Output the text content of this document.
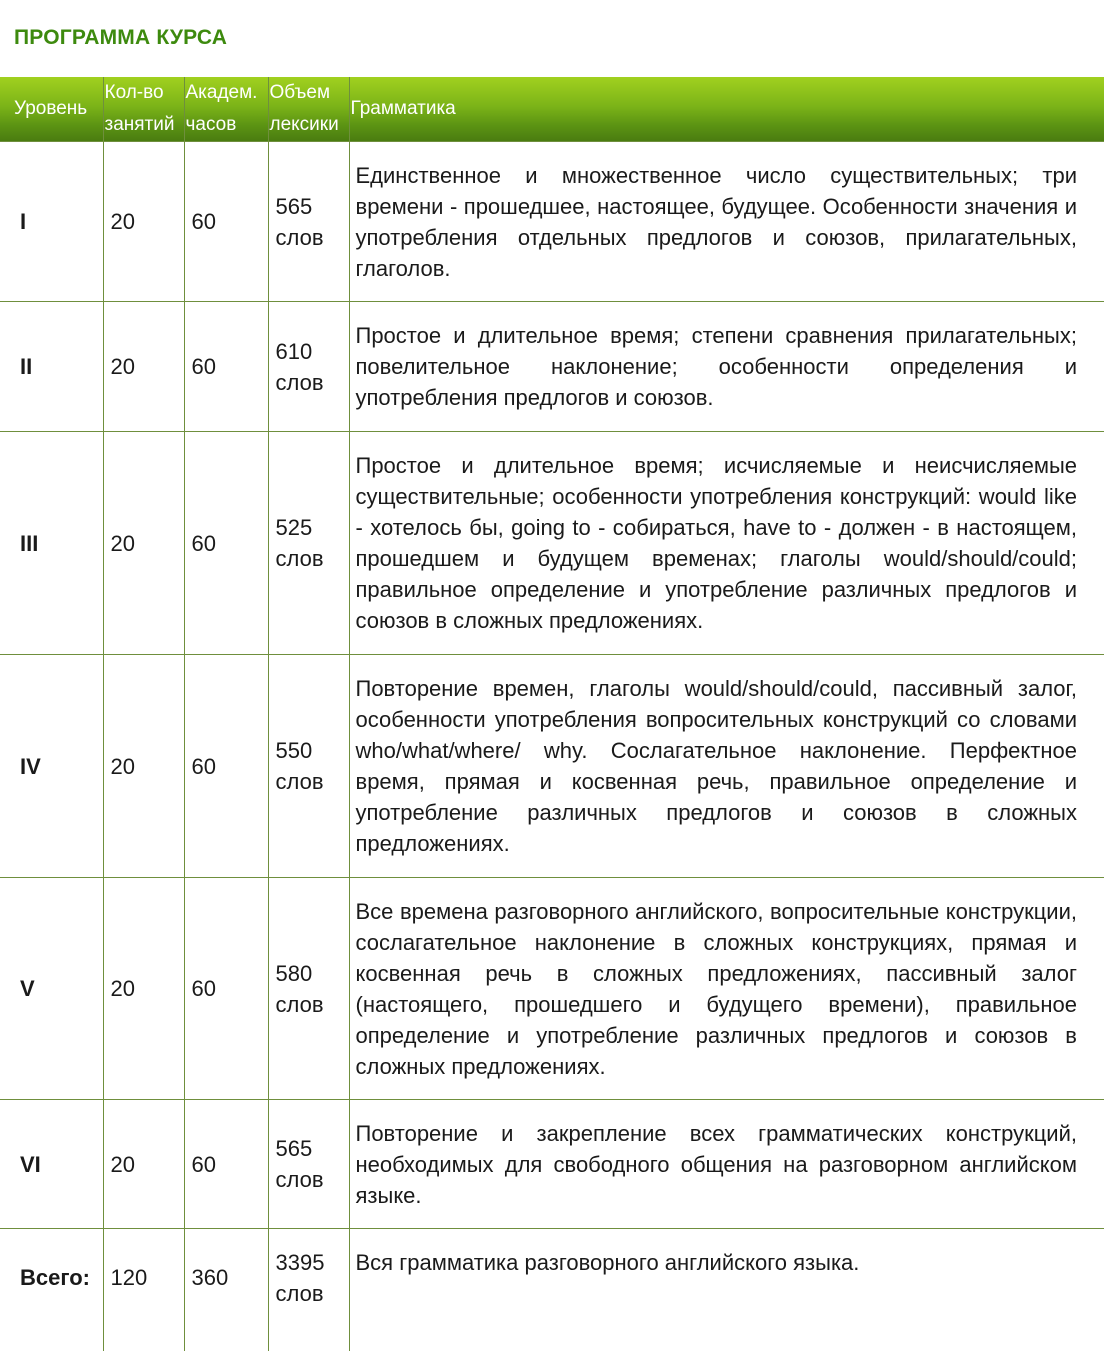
ПРОГРАММА КУРСА
Уровень	Кол-во занятий	Академ. часов	Объем лексики	Грамматика

I	20	60	565 слов	Единственное и множественное число существительных; три времени - прошедшее, настоящее, будущее. Особенности значения и употребления отдельных предлогов и союзов, прилагательных, глаголов.
II	20	60	610 слов	Простое и длительное время; степени сравнения прилагательных; повелительное наклонение; особенности определения и употребления предлогов и союзов.
III	20	60	525 слов	Простое и длительное время; исчисляемые и неисчисляемые существительные; особенности употребления конструкций: would like - хотелось бы, going to - собираться, have to - должен - в настоящем, прошедшем и будущем временах; глаголы would/should/could; правильное определение и употребление различных предлогов и союзов в сложных предложениях.
IV	20	60	550 слов	Повторение времен, глаголы would/should/could, пассивный залог, особенности употребления вопросительных конструкций со словами who/what/where/ why. Сослагательное наклонение. Перфектное время, прямая и косвенная речь, правильное определение и употребление различных предлогов и союзов в сложных предложениях.
V	20	60	580 слов	Все времена разговорного английского, вопросительные конструкции, сослагательное наклонение в сложных конструкциях, прямая и косвенная речь в сложных предложениях, пассивный залог (настоящего, прошедшего и будущего времени), правильное определение и употребление различных предлогов и союзов в сложных предложениях.
VI	20	60	565 слов	Повторение и закрепление всех грамматических конструкций, необходимых для свободного общения на разговорном английском языке.
Всего:	120	360	3395 слов	Вся грамматика разговорного английского языка.
